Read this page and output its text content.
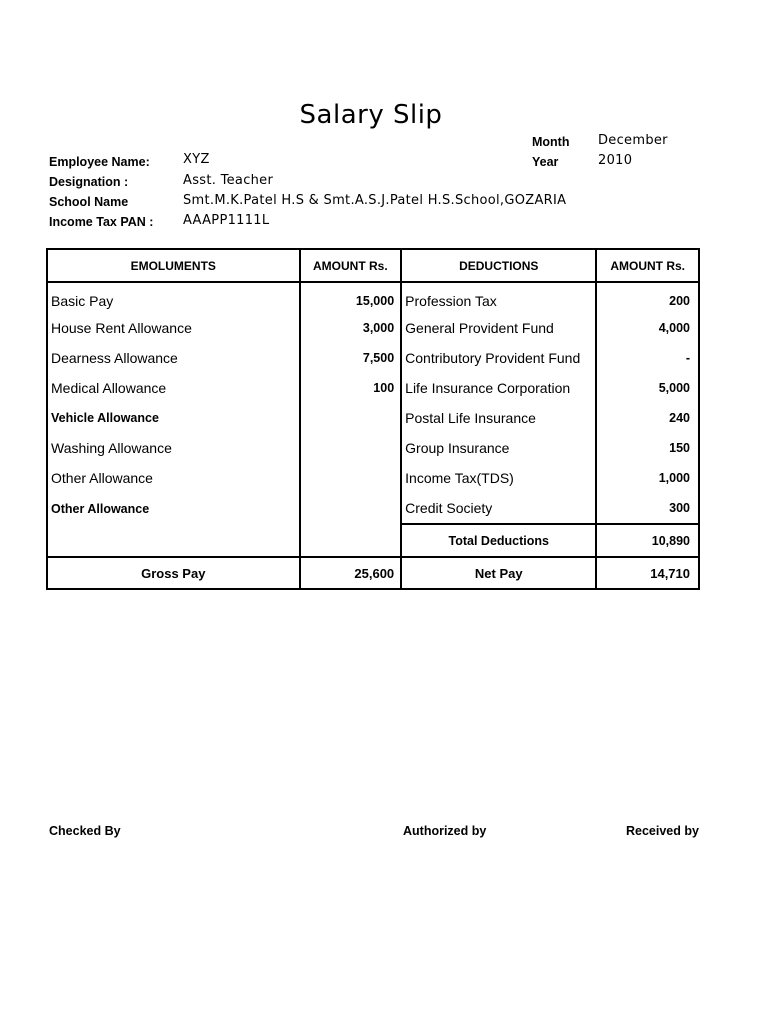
Salary Slip
Month December
Year	2010
Employee Name:	XYZ
Designation :	Asst. Teacher
School Name	Smt.M.K.Patel H.S & Smt.A.S.J.Patel H.S.School,GOZARIA
Income Tax PAN : AAAPP1111L
EMOLUMENTS	AMOUNT Rs.	DEDUCTIONS	AMOUNT Rs.
Basic Pay	15,000	Profession Tax	200
House Rent Allowance	3,000	General Provident Fund	4,000
Dearness Allowance	7,500	Contributory Provident Fund	-
Medical Allowance	100	Life Insurance Corporation	5,000
Vehicle Allowance		Postal Life Insurance	240
Washing Allowance		Group Insurance	150
Other Allowance		Income Tax(TDS)	1,000
Other Allowance		Credit Society	300
		Total Deductions	10,890
Gross Pay	25,600	Net Pay	14,710
Checked By	Authorized by	Received by
